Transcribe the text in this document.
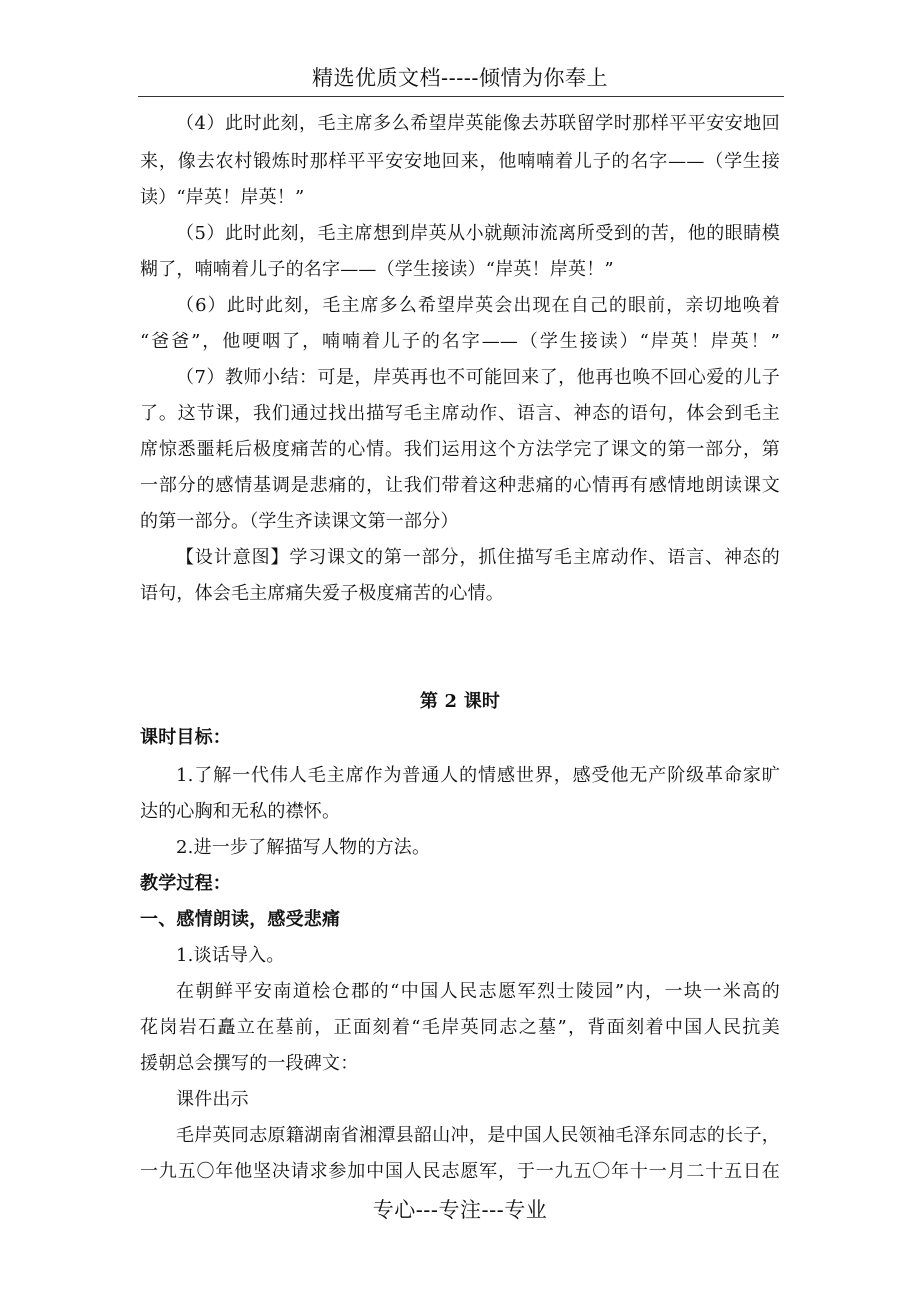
精选优质文档-----倾情为你奉上
（4）此时此刻，毛主席多么希望岸英能像去苏联留学时那样平平安安地回
来，像去农村锻炼时那样平平安安地回来，他喃喃着儿子的名字——（学生接
读）“岸英！岸英！”
（5）此时此刻，毛主席想到岸英从小就颠沛流离所受到的苦，他的眼睛模
糊了，喃喃着儿子的名字——（学生接读）“岸英！岸英！”
（6）此时此刻，毛主席多么希望岸英会出现在自己的眼前，亲切地唤着
“爸爸”，他哽咽了，喃喃着儿子的名字——（学生接读）“岸英！岸英！”
（7）教师小结：可是，岸英再也不可能回来了，他再也唤不回心爱的儿子
了。这节课，我们通过找出描写毛主席动作、语言、神态的语句，体会到毛主
席惊悉噩耗后极度痛苦的心情。我们运用这个方法学完了课文的第一部分，第
一部分的感情基调是悲痛的，让我们带着这种悲痛的心情再有感情地朗读课文
的第一部分。（学生齐读课文第一部分）
【设计意图】学习课文的第一部分，抓住描写毛主席动作、语言、神态的
语句，体会毛主席痛失爱子极度痛苦的心情。
第 2 课时
课时目标：
1.了解一代伟人毛主席作为普通人的情感世界，感受他无产阶级革命家旷
达的心胸和无私的襟怀。
2.进一步了解描写人物的方法。
教学过程：
一、感情朗读，感受悲痛
1.谈话导入。
在朝鲜平安南道桧仓郡的“中国人民志愿军烈士陵园”内，一块一米高的
花岗岩石矗立在墓前，正面刻着“毛岸英同志之墓”，背面刻着中国人民抗美
援朝总会撰写的一段碑文：
课件出示
毛岸英同志原籍湖南省湘潭县韶山冲，是中国人民领袖毛泽东同志的长子，
一九五〇年他坚决请求参加中国人民志愿军，于一九五〇年十一月二十五日在
专心---专注---专业
